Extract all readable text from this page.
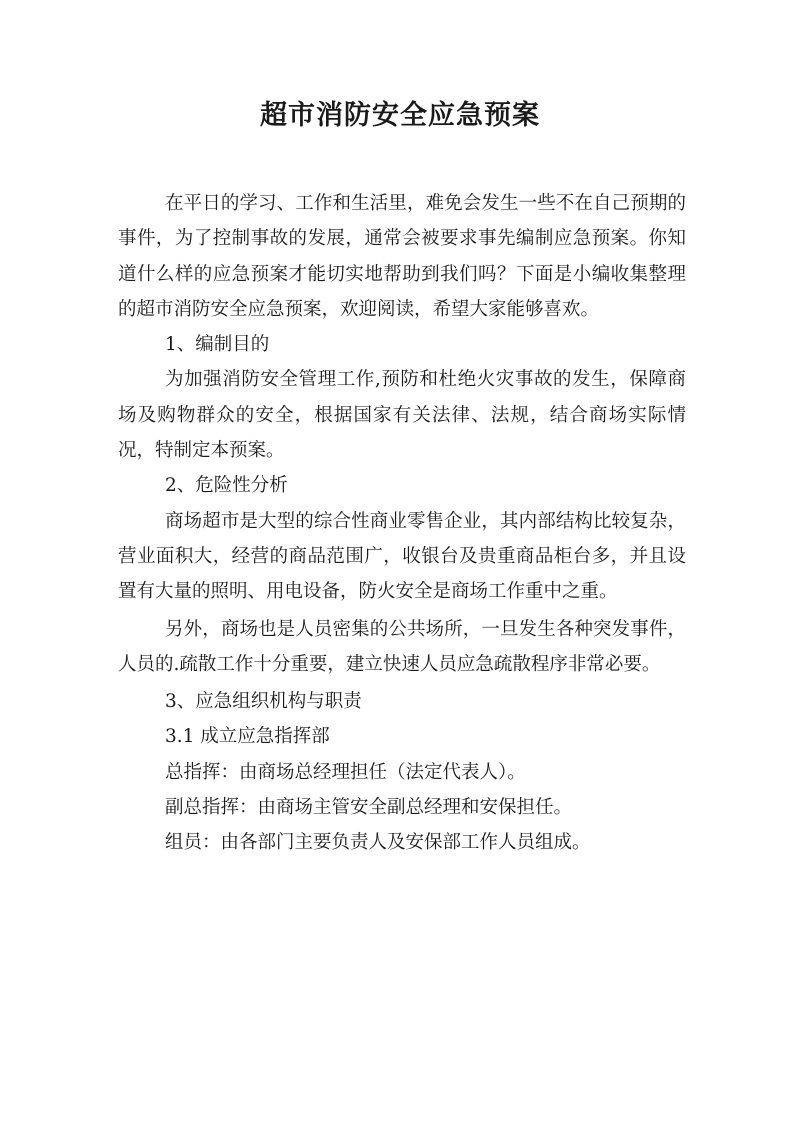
超市消防安全应急预案

在平日的学习、工作和生活里，难免会发生一些不在自己预期的事件，为了控制事故的发展，通常会被要求事先编制应急预案。你知道什么样的应急预案才能切实地帮助到我们吗？下面是小编收集整理的超市消防安全应急预案，欢迎阅读，希望大家能够喜欢。

1、编制目的

为加强消防安全管理工作,预防和杜绝火灾事故的发生，保障商场及购物群众的安全，根据国家有关法律、法规，结合商场实际情况，特制定本预案。

2、危险性分析

商场超市是大型的综合性商业零售企业，其内部结构比较复杂，营业面积大，经营的商品范围广，收银台及贵重商品柜台多，并且设置有大量的照明、用电设备，防火安全是商场工作重中之重。

另外，商场也是人员密集的公共场所，一旦发生各种突发事件，人员的.疏散工作十分重要，建立快速人员应急疏散程序非常必要。

3、应急组织机构与职责

3.1 成立应急指挥部

总指挥：由商场总经理担任（法定代表人）。

副总指挥：由商场主管安全副总经理和安保担任。

组员：由各部门主要负责人及安保部工作人员组成。
